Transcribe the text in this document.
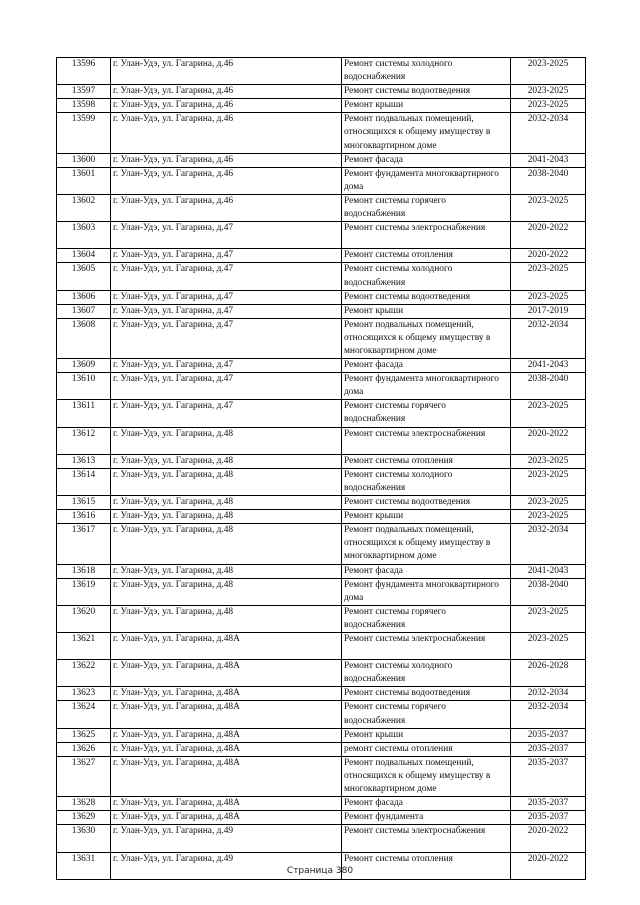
13596	г. Улан-Удэ, ул. Гагарина, д.46	Ремонт системы холодного водоснабжения	2023-2025
13597	г. Улан-Удэ, ул. Гагарина, д.46	Ремонт системы водоотведения	2023-2025
13598	г. Улан-Удэ, ул. Гагарина, д.46	Ремонт крыши	2023-2025
13599	г. Улан-Удэ, ул. Гагарина, д.46	Ремонт подвальных помещений, относящихся к общему имуществу в многоквартирном доме	2032-2034
13600	г. Улан-Удэ, ул. Гагарина, д.46	Ремонт фасада	2041-2043
13601	г. Улан-Удэ, ул. Гагарина, д.46	Ремонт фундамента многоквартирного дома	2038-2040
13602	г. Улан-Удэ, ул. Гагарина, д.46	Ремонт системы горячего водоснабжения	2023-2025
13603	г. Улан-Удэ, ул. Гагарина, д.47	Ремонт системы электроснабжения	2020-2022
13604	г. Улан-Удэ, ул. Гагарина, д.47	Ремонт системы отопления	2020-2022
13605	г. Улан-Удэ, ул. Гагарина, д.47	Ремонт системы холодного водоснабжения	2023-2025
13606	г. Улан-Удэ, ул. Гагарина, д.47	Ремонт системы водоотведения	2023-2025
13607	г. Улан-Удэ, ул. Гагарина, д.47	Ремонт крыши	2017-2019
13608	г. Улан-Удэ, ул. Гагарина, д.47	Ремонт подвальных помещений, относящихся к общему имуществу в многоквартирном доме	2032-2034
13609	г. Улан-Удэ, ул. Гагарина, д.47	Ремонт фасада	2041-2043
13610	г. Улан-Удэ, ул. Гагарина, д.47	Ремонт фундамента многоквартирного дома	2038-2040
13611	г. Улан-Удэ, ул. Гагарина, д.47	Ремонт системы горячего водоснабжения	2023-2025
13612	г. Улан-Удэ, ул. Гагарина, д.48	Ремонт системы электроснабжения	2020-2022
13613	г. Улан-Удэ, ул. Гагарина, д.48	Ремонт системы отопления	2023-2025
13614	г. Улан-Удэ, ул. Гагарина, д.48	Ремонт системы холодного водоснабжения	2023-2025
13615	г. Улан-Удэ, ул. Гагарина, д.48	Ремонт системы водоотведения	2023-2025
13616	г. Улан-Удэ, ул. Гагарина, д.48	Ремонт крыши	2023-2025
13617	г. Улан-Удэ, ул. Гагарина, д.48	Ремонт подвальных помещений, относящихся к общему имуществу в многоквартирном доме	2032-2034
13618	г. Улан-Удэ, ул. Гагарина, д.48	Ремонт фасада	2041-2043
13619	г. Улан-Удэ, ул. Гагарина, д.48	Ремонт фундамента многоквартирного дома	2038-2040
13620	г. Улан-Удэ, ул. Гагарина, д.48	Ремонт системы горячего водоснабжения	2023-2025
13621	г. Улан-Удэ, ул. Гагарина, д.48А	Ремонт системы электроснабжения	2023-2025
13622	г. Улан-Удэ, ул. Гагарина, д.48А	Ремонт системы холодного водоснабжения	2026-2028
13623	г. Улан-Удэ, ул. Гагарина, д.48А	Ремонт системы водоотведения	2032-2034
13624	г. Улан-Удэ, ул. Гагарина, д.48А	Ремонт системы горячего водоснабжения	2032-2034
13625	г. Улан-Удэ, ул. Гагарина, д.48А	Ремонт крыши	2035-2037
13626	г. Улан-Удэ, ул. Гагарина, д.48А	ремонт системы отопления	2035-2037
13627	г. Улан-Удэ, ул. Гагарина, д.48А	Ремонт подвальных помещений, относящихся к общему имуществу в многоквартирном доме	2035-2037
13628	г. Улан-Удэ, ул. Гагарина, д.48А	Ремонт фасада	2035-2037
13629	г. Улан-Удэ, ул. Гагарина, д.48А	Ремонт фундамента	2035-2037
13630	г. Улан-Удэ, ул. Гагарина, д.49	Ремонт системы электроснабжения	2020-2022
13631	г. Улан-Удэ, ул. Гагарина, д.49	Ремонт системы отопления	2020-2022
Страница 380
